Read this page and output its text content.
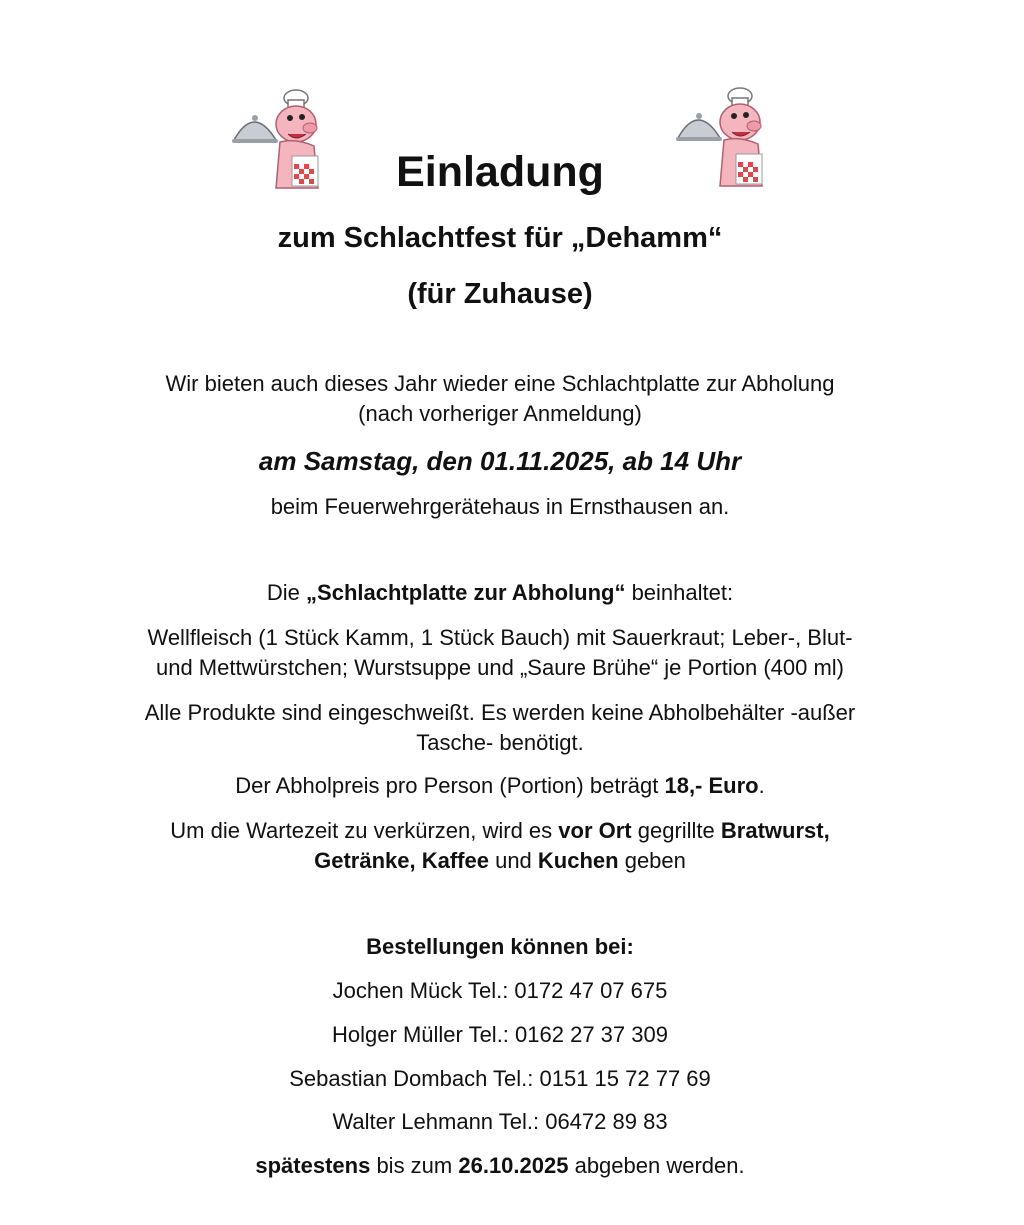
Einladung
zum Schlachtfest für „Dehamm“
(für Zuhause)
Wir bieten auch dieses Jahr wieder eine Schlachtplatte zur Abholung
(nach vorheriger Anmeldung)
am Samstag, den 01.11.2025, ab 14 Uhr
beim Feuerwehrgerätehaus in Ernsthausen an.
Die „Schlachtplatte zur Abholung“ beinhaltet:
Wellfleisch (1 Stück Kamm, 1 Stück Bauch) mit Sauerkraut; Leber-, Blut-
und Mettwürstchen; Wurstsuppe und „Saure Brühe“ je Portion (400 ml)
Alle Produkte sind eingeschweißt. Es werden keine Abholbehälter -außer
Tasche- benötigt.
Der Abholpreis pro Person (Portion) beträgt 18,- Euro.
Um die Wartezeit zu verkürzen, wird es vor Ort gegrillte Bratwurst,
Getränke, Kaffee und Kuchen geben
Bestellungen können bei:
Jochen Mück Tel.: 0172 47 07 675
Holger Müller Tel.: 0162 27 37 309
Sebastian Dombach Tel.: 0151 15 72 77 69
Walter Lehmann Tel.: 06472 89 83
spätestens bis zum 26.10.2025 abgeben werden.
